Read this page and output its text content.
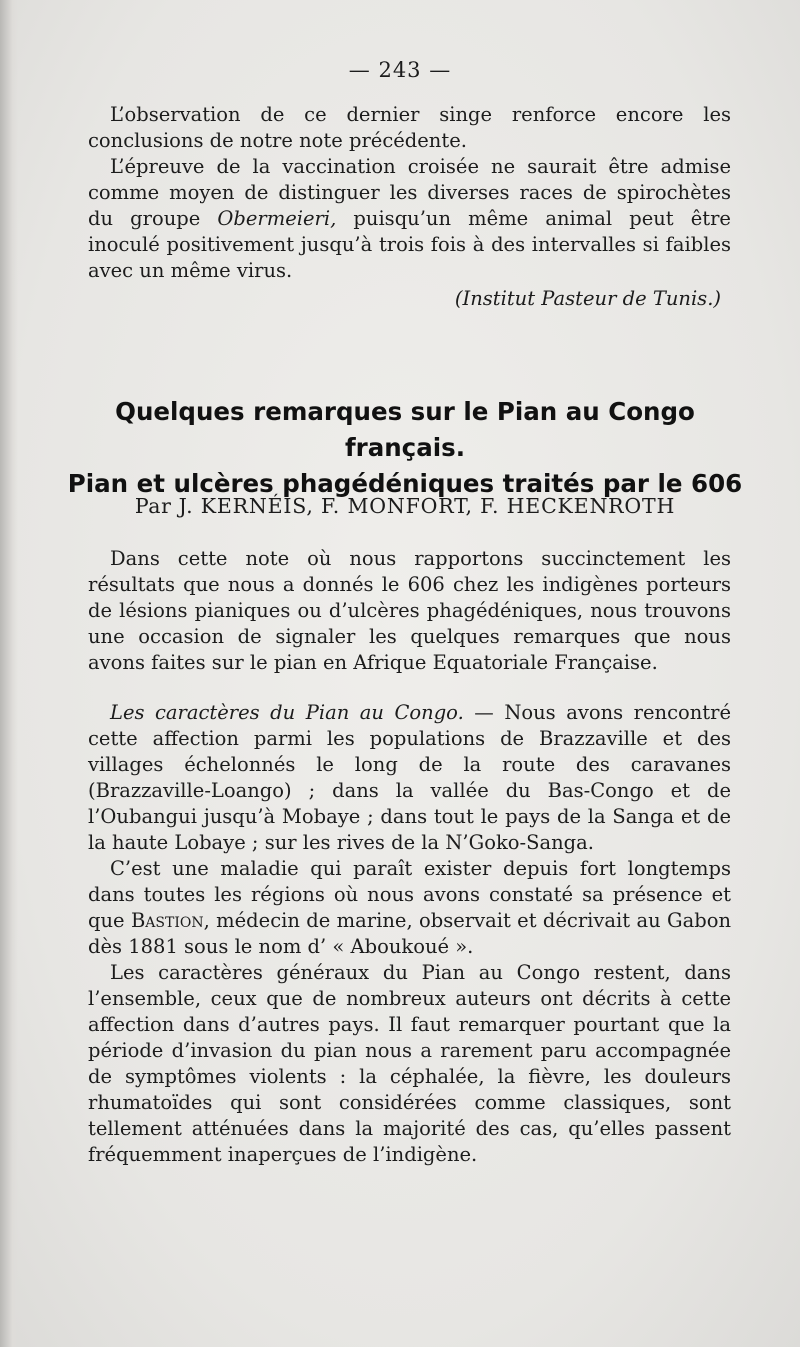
— 243 —

L’observation de ce dernier singe renforce encore les conclusions de notre note précédente.

L’épreuve de la vaccination croisée ne saurait être admise comme moyen de distinguer les diverses races de spirochètes du groupe Obermeieri, puisqu’un même animal peut être inoculé positivement jusqu’à trois fois à des intervalles si faibles avec un même virus.

(Institut Pasteur de Tunis.)
Quelques remarques sur le Pian au Congo français.
Pian et ulcères phagédéniques traités par le 606
Par J. KERNÉIS, F. MONFORT, F. HECKENROTH

Dans cette note où nous rapportons succinctement les résultats que nous a donnés le 606 chez les indigènes porteurs de lésions pianiques ou d’ulcères phagédéniques, nous trouvons une occasion de signaler les quelques remarques que nous avons faites sur le pian en Afrique Equatoriale Française.

Les caractères du Pian au Congo. — Nous avons rencontré cette affection parmi les populations de Brazzaville et des villages échelonnés le long de la route des caravanes (Brazzaville-Loango) ; dans la vallée du Bas-Congo et de l’Oubangui jusqu’à Mobaye ; dans tout le pays de la Sanga et de la haute Lobaye ; sur les rives de la N’Goko-Sanga.

C’est une maladie qui paraît exister depuis fort longtemps dans toutes les régions où nous avons constaté sa présence et que Bastion, médecin de marine, observait et décrivait au Gabon dès 1881 sous le nom d’ « Aboukoué ».

Les caractères généraux du Pian au Congo restent, dans l’ensemble, ceux que de nombreux auteurs ont décrits à cette affection dans d’autres pays. Il faut remarquer pourtant que la période d’invasion du pian nous a rarement paru accompagnée de symptômes violents : la céphalée, la fièvre, les douleurs rhumatoïdes qui sont considérées comme classiques, sont tellement atténuées dans la majorité des cas, qu’elles passent fréquemment inaperçues de l’indigène.
